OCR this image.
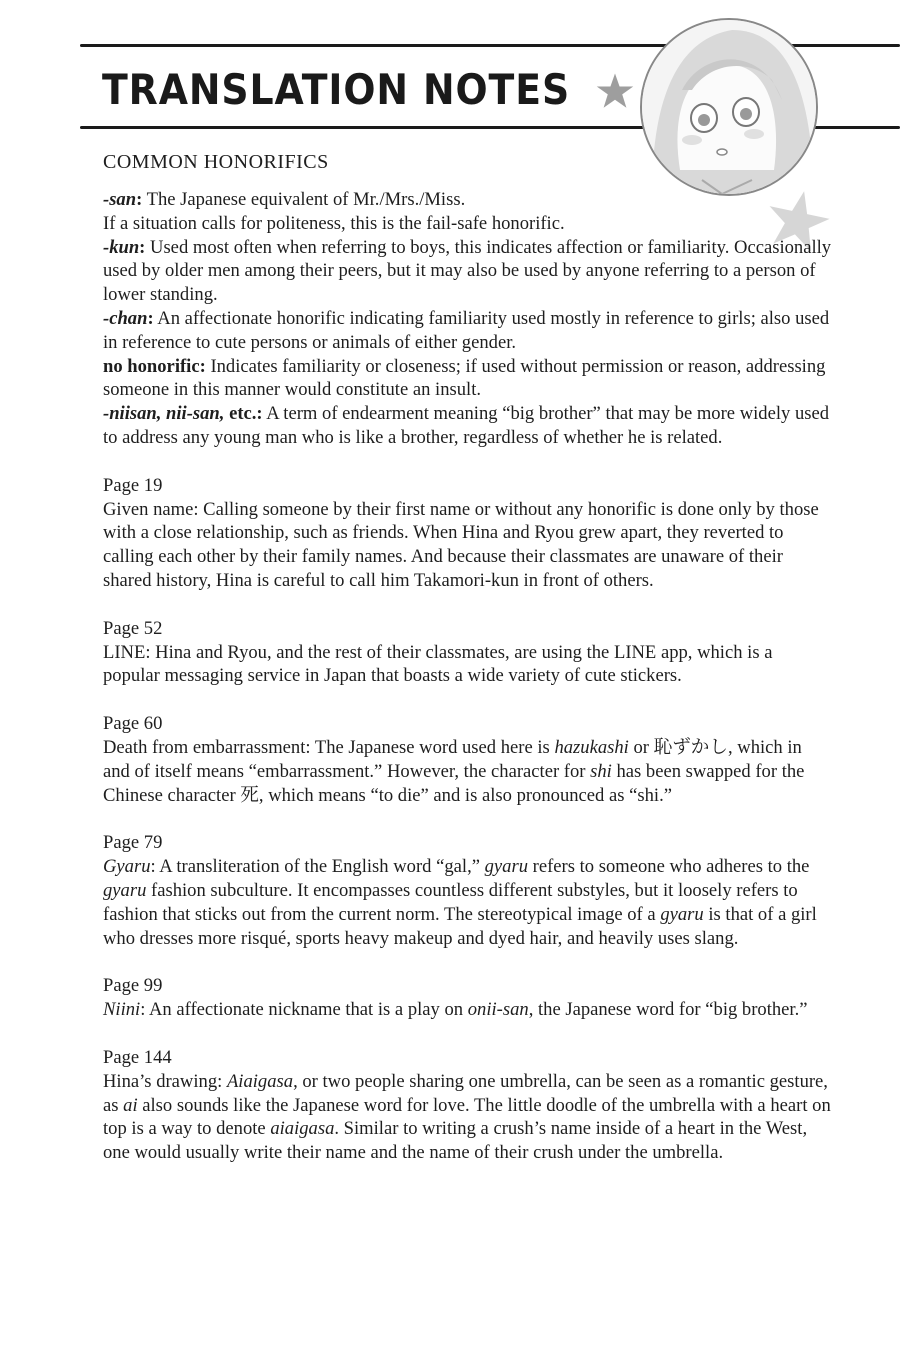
TRANSLATION NOTES
COMMON HONORIFICS

-san: The Japanese equivalent of Mr./Mrs./Miss.

If a situation calls for politeness, this is the fail-safe honorific.

-kun: Used most often when referring to boys, this indicates affection or familiarity. Occasionally used by older men among their peers, but it may also be used by anyone referring to a person of lower standing.

-chan: An affectionate honorific indicating familiarity used mostly in reference to girls; also used in reference to cute persons or animals of either gender.

no honorific: Indicates familiarity or closeness; if used without permission or reason, addressing someone in this manner would constitute an insult.

-niisan, nii-san, etc.: A term of endearment meaning “big brother” that may be more widely used to address any young man who is like a brother, regardless of whether he is related.

Page 19

Given name: Calling someone by their first name or without any honorific is done only by those with a close relationship, such as friends. When Hina and Ryou grew apart, they reverted to calling each other by their family names. And because their classmates are unaware of their shared history, Hina is careful to call him Takamori-kun in front of others.

Page 52

LINE: Hina and Ryou, and the rest of their classmates, are using the LINE app, which is a popular messaging service in Japan that boasts a wide variety of cute stickers.

Page 60

Death from embarrassment: The Japanese word used here is hazukashi or 恥ずかし, which in and of itself means “embarrassment.” However, the character for shi has been swapped for the Chinese character 死, which means “to die” and is also pronounced as “shi.”

Page 79

Gyaru: A transliteration of the English word “gal,” gyaru refers to someone who adheres to the gyaru fashion subculture. It encompasses countless different substyles, but it loosely refers to fashion that sticks out from the current norm. The stereotypical image of a gyaru is that of a girl who dresses more risqué, sports heavy makeup and dyed hair, and heavily uses slang.

Page 99

Niini: An affectionate nickname that is a play on onii-san, the Japanese word for “big brother.”

Page 144

Hina’s drawing: Aiaigasa, or two people sharing one umbrella, can be seen as a romantic gesture, as ai also sounds like the Japanese word for love. The little doodle of the umbrella with a heart on top is a way to denote aiaigasa. Similar to writing a crush’s name inside of a heart in the West, one would usually write their name and the name of their crush under the umbrella.
